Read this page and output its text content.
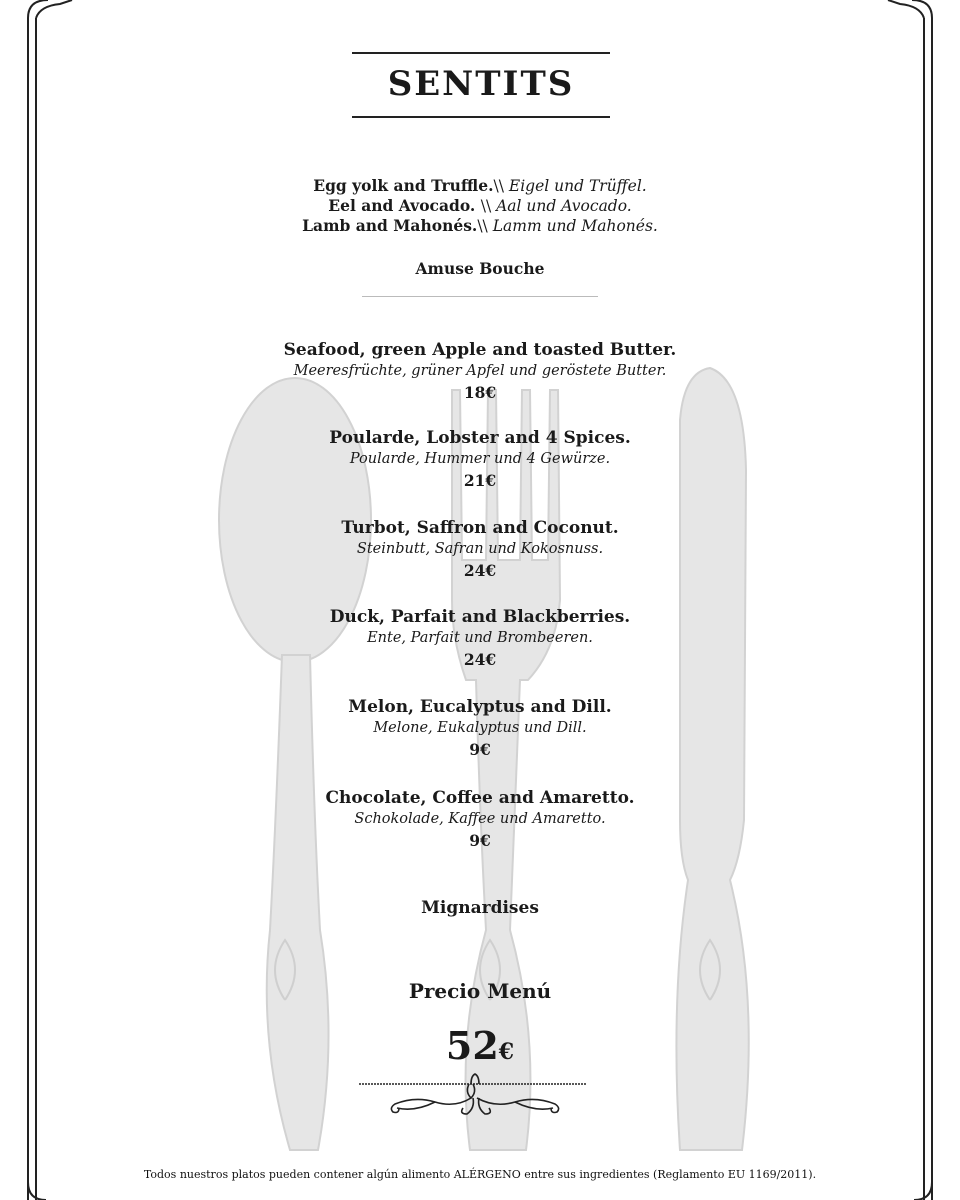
SENTITS
Egg yolk and Truffle.\\ Eigel und Trüffel.
Eel and Avocado. \\ Aal und Avocado.
Lamb and Mahonés.\\ Lamm und Mahonés.
Amuse Bouche
Seafood, green Apple and toasted Butter.
Meeresfrüchte, grüner Apfel und geröstete Butter.
18€
Poularde, Lobster and 4 Spices.
Poularde, Hummer und 4 Gewürze.
21€
Turbot, Saffron and Coconut.
Steinbutt, Safran und Kokosnuss.
24€
Duck, Parfait and Blackberries.
Ente, Parfait und Brombeeren.
24€
Melon, Eucalyptus and Dill.
Melone, Eukalyptus und Dill.
9€
Chocolate, Coffee and Amaretto.
Schokolade, Kaffee und Amaretto.
9€
Mignardises
Precio Menú
52€
Todos nuestros platos pueden contener algún alimento ALÉRGENO entre sus ingredientes (Reglamento EU 1169/2011).
